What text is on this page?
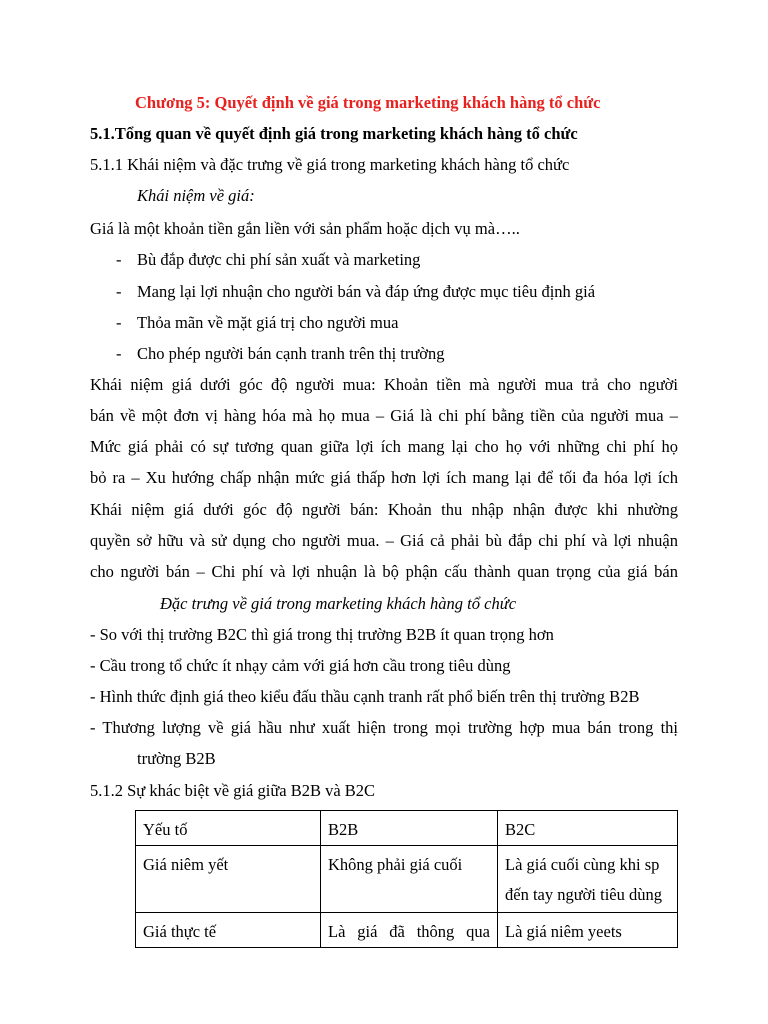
Chương 5: Quyết định về giá trong marketing khách hàng tổ chức
5.1.Tổng quan về quyết định giá trong marketing khách hàng tổ chức
5.1.1 Khái niệm và đặc trưng về giá trong marketing khách hàng tổ chức
Khái niệm về giá:
Giá là một khoản tiền gắn liền với sản phẩm hoặc dịch vụ mà…..
- Bù đắp được chi phí sản xuất và marketing
- Mang lại lợi nhuận cho người bán và đáp ứng được mục tiêu định giá
- Thỏa mãn về mặt giá trị cho người mua
- Cho phép người bán cạnh tranh trên thị trường
Khái niệm giá dưới góc độ người mua: Khoản tiền mà người mua trả cho người
bán về một đơn vị hàng hóa mà họ mua – Giá là chi phí bằng tiền của người mua –
Mức giá phải có sự tương quan giữa lợi ích mang lại cho họ với những chi phí họ
bỏ ra – Xu hướng chấp nhận mức giá thấp hơn lợi ích mang lại để tối đa hóa lợi ích
Khái niệm giá dưới góc độ người bán: Khoản thu nhập nhận được khi nhường
quyền sở hữu và sử dụng cho người mua. – Giá cả phải bù đắp chi phí và lợi nhuận
cho người bán – Chi phí và lợi nhuận là bộ phận cấu thành quan trọng của giá bán
Đặc trưng về giá trong marketing khách hàng tổ chức
- So với thị trường B2C thì giá trong thị trường B2B ít quan trọng hơn
- Cầu trong tổ chức ít nhạy cảm với giá hơn cầu trong tiêu dùng
- Hình thức định giá theo kiểu đấu thầu cạnh tranh rất phổ biến trên thị trường B2B
- Thương lượng về giá hầu như xuất hiện trong mọi trường hợp mua bán trong thị
trường B2B
5.1.2 Sự khác biệt về giá giữa B2B và B2C
Yếu tố	B2B	B2C
Giá niêm yết	Không phải giá cuối	Là giá cuối cùng khi sp đến tay người tiêu dùng
Giá thực tế	Là giá đã thông qua	Là giá niêm yeets
